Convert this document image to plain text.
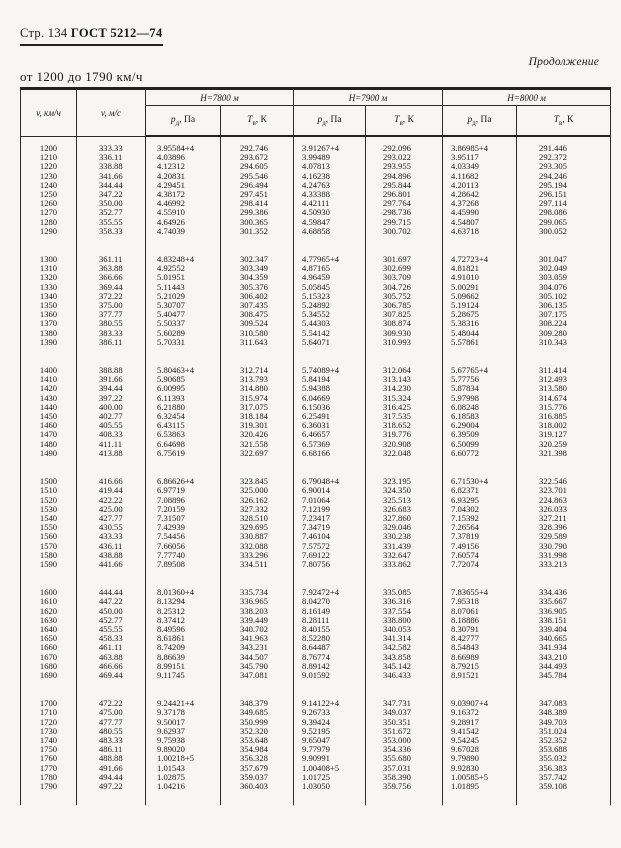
Стр. 134 ГОСТ 5212—74
Продолжение
от 1200 до 1790 км/ч
v, км/ч	v, м/с	H=7800 м		H=7900 м		H=8000 м	
		$p_д$, Па	$T_в$, К	$p_д$, Па	$T_в$, К	$p_д$, Па	$T_в$, К

1200	333.33	3.95584+4	292.746	3.91267+4	292.096	3.86985+4	291.446
1210	336.11	4.03896	293.672	3.99489	293.022	3.95117	292.372
1220	338.88	4.12312	294.605	4.07813	293.955	4.03349	293.305
1230	341.66	4.20831	295.546	4.16238	294.896	4.11682	294.246
1240	344.44	4.29451	296.494	4.24763	295.844	4.20113	295.194
1250	347.22	4.38172	297.451	4.33388	296.801	4.28642	296.151
1260	350.00	4.46992	298.414	4.42111	297.764	4.37268	297.114
1270	352.77	4.55910	299.386	4.50930	298.736	4.45990	298.086
1280	355.55	4.64926	300.365	4.59847	299.715	4.54807	299.065
1290	358.33	4.74039	301.352	4.68858	300.702	4.63718	300.052

1300	361.11	4.83248+4	302.347	4.77965+4	301.697	4.72723+4	301.047
1310	363.88	4.92552	303.349	4.87165	302.699	4.81821	302.049
1320	366.66	5.01951	304.359	4.96459	303.709	4.91010	303.059
1330	369.44	5.11443	305.376	5.05845	304.726	5.00291	304.076
1340	372.22	5.21029	306.402	5.15323	305.752	5.09662	305.102
1350	375.00	5.30707	307.435	5.24892	306.785	5.19124	306.135
1360	377.77	5.40477	308.475	5.34552	307.825	5.28675	307.175
1370	380.55	5.50337	309.524	5.44303	308.874	5.38316	308.224
1380	383.33	5.60289	310.580	5.54142	309.930	5.48044	309.280
1390	386.11	5.70331	311.643	5.64071	310.993	5.57861	310.343

1400	388.88	5.80463+4	312.714	5.74089+4	312.064	5.67765+4	311.414
1410	391.66	5.90685	313.793	5.84194	313.143	5.77756	312.493
1420	394.44	6.00995	314.880	5.94388	314.230	5.87834	313.580
1430	397.22	6.11393	315.974	6.04669	315.324	5.97998	314.674
1440	400.00	6.21880	317.075	6.15036	316.425	6.08248	315.776
1450	402.77	6.32454	318.184	6.25491	317.535	6.18583	316.885
1460	405.55	6.43115	319.301	6.36031	318.652	6.29004	318.002
1470	408.33	6.53863	320.426	6.46657	319.776	6.39509	319.127
1480	411.11	6.64698	321.558	6.57369	320.908	6.50099	320.259
1490	413.88	6.75619	322.697	6.68166	322.048	6.60772	321.398

1500	416.66	6.86626+4	323.845	6.79048+4	323.195	6.71530+4	322.546
1510	419.44	6.97719	325.000	6.90014	324.350	6.82371	323.701
1520	422.22	7.08896	326.162	7.01064	325.513	6.93295	224.863
1530	425.00	7.20159	327.332	7.12199	326.683	7.04302	326.033
1540	427.77	7.31507	328.510	7.23417	327.860	7.15392	327.211
1550	430.55	7.42939	329.695	7.34719	329.046	7.26564	328.396
1560	433.33	7.54456	330.887	7.46104	330.238	7.37819	329.589
1570	436.11	7.66056	332.088	7.57572	331.439	7.49156	330.790
1580	438.88	7.77740	333.296	7.69122	332.647	7.60574	331.998
1590	441.66	7.89508	334.511	7.80756	333.862	7.72074	333.213

1600	444.44	8.01360+4	335.734	7.92472+4	335.085	7.83655+4	334.436
1610	447.22	8.13294	336.965	8.04270	336.316	7.95318	335.667
1620	450.00	8.25312	338.203	8.16149	337.554	8.07061	336.905
1630	452.77	8.37412	339.449	8.28111	338.800	8.18886	338.151
1640	455.55	8.49596	340.702	8.40155	340.053	8.30791	339.404
1650	458.33	8.61861	341.963	8.52280	341.314	8.42777	340.665
1660	461.11	8.74209	343.231	8.64487	342.582	8.54843	341.934
1670	463.88	8.86639	344.507	8.76774	343.858	8.66989	343.210
1680	466.66	8.99151	345.790	8.89142	345.142	8.79215	344.493
1690	469.44	9.11745	347.081	9.01592	346.433	8.91521	345.784

1700	472.22	9.24421+4	348.379	9.14122+4	347.731	9.03907+4	347.083
1710	475.00	9.37178	349.685	9.26733	349.037	9.16372	348.389
1720	477.77	9.50017	350.999	9.39424	350.351	9.28917	349.703
1730	480.55	9.62937	352.320	9.52195	351.672	9.41542	351.024
1740	483.33	9.75938	353.648	9.65047	353.000	9.54245	352.352
1750	486.11	9.89020	354.984	9.77979	354.336	9.67028	353.688
1760	488.88	1.00218+5	356.328	9.90991	355.680	9.79890	355.032
1770	491.66	1.01543	357.679	1.00408+5	357.031	9.92830	356.383
1780	494.44	1.02875	359.037	1.01725	358.390	1.00585+5	357.742
1790	497.22	1.04216	360.403	1.03050	359.756	1.01895	359.108
